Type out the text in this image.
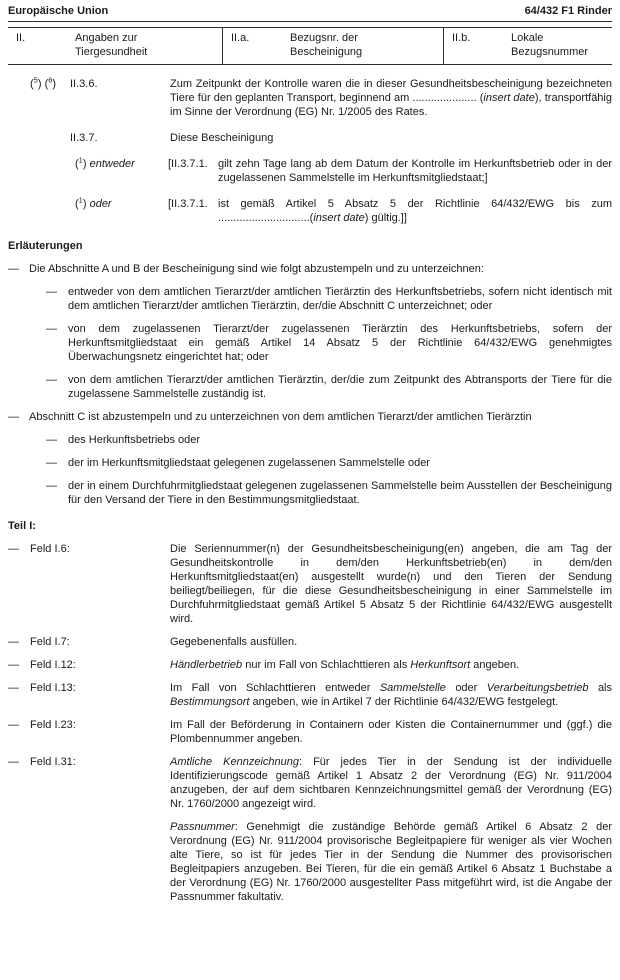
Europäische Union	64/432 F1 Rinder
II.	Angaben zur Tiergesundheit
II.a.	Bezugsnr. der Bescheinigung
II.b.	Lokale Bezugsnummer
($^5$) ($^6$)	II.3.6.	Zum Zeitpunkt der Kontrolle waren die in dieser Gesundheitsbescheinigung bezeichneten Tiere für den geplanten Transport, beginnend am ..................... (insert date), transportfähig im Sinne der Verordnung (EG) Nr. 1/2005 des Rates.

II.3.7.	Diese Bescheinigung

($^1$) entweder	[II.3.7.1. gilt zehn Tage lang ab dem Datum der Kontrolle im Herkunftsbetrieb oder in der zugelassenen Sammelstelle im Herkunftsmitgliedstaat;]

($^1$) oder	[II.3.7.1. ist gemäß Artikel 5 Absatz 5 der Richtlinie 64/432/EWG bis zum ..............................(insert date) gültig.]]

Erläuterungen

— Die Abschnitte A und B der Bescheinigung sind wie folgt abzustempeln und zu unterzeichnen:

— entweder von dem amtlichen Tierarzt/der amtlichen Tierärztin des Herkunftsbetriebs, sofern nicht identisch mit dem amtlichen Tierarzt/der amtlichen Tierärztin, der/die Abschnitt C unterzeichnet; oder

— von dem zugelassenen Tierarzt/der zugelassenen Tierärztin des Herkunftsbetriebs, sofern der Herkunftsmitgliedstaat ein gemäß Artikel 14 Absatz 5 der Richtlinie 64/432/EWG genehmigtes Überwachungsnetz eingerichtet hat; oder

— von dem amtlichen Tierarzt/der amtlichen Tierärztin, der/die zum Zeitpunkt des Abtransports der Tiere für die zugelassene Sammelstelle zuständig ist.

— Abschnitt C ist abzustempeln und zu unterzeichnen von dem amtlichen Tierarzt/der amtlichen Tierärztin

— des Herkunftsbetriebs oder

— der im Herkunftsmitgliedstaat gelegenen zugelassenen Sammelstelle oder

— der in einem Durchfuhrmitgliedstaat gelegenen zugelassenen Sammelstelle beim Ausstellen der Bescheinigung für den Versand der Tiere in den Bestimmungsmitgliedstaat.

Teil I:
—	Feld I.6:	Die Seriennummer(n) der Gesundheitsbescheinigung(en) angeben, die am Tag der Gesundheitskontrolle in dem/den Herkunftsbetrieb(en) in dem/den Herkunftsmitgliedstaat(en) ausgestellt wurde(n) und den Tieren der Sendung beiliegt/beiliegen, für die diese Gesundheitsbescheinigung in einer Sammelstelle im Durchfuhrmitgliedstaat gemäß Artikel 5 Absatz 5 der Richtlinie 64/432/EWG ausgestellt wird.

—	Feld I.7:	Gegebenenfalls ausfüllen.

—	Feld I.12:	Händlerbetrieb nur im Fall von Schlachttieren als Herkunftsort angeben.

—	Feld I.13:	Im Fall von Schlachttieren entweder Sammelstelle oder Verarbeitungsbetrieb als Bestimmungsort angeben, wie in Artikel 7 der Richtlinie 64/432/EWG festgelegt.

—	Feld I.23:	Im Fall der Beförderung in Containern oder Kisten die Containernummer und (ggf.) die Plombennummer angeben.

—	Feld I.31:	Amtliche Kennzeichnung: Für jedes Tier in der Sendung ist der individuelle Identifizierungscode gemäß Artikel 1 Absatz 2 der Verordnung (EG) Nr. 911/2004 anzugeben, der auf dem sichtbaren Kennzeichnungsmittel gemäß der Verordnung (EG) Nr. 1760/2000 angezeigt wird.

Passnummer: Genehmigt die zuständige Behörde gemäß Artikel 6 Absatz 2 der Verordnung (EG) Nr. 911/2004 provisorische Begleitpapiere für weniger als vier Wochen alte Tiere, so ist für jedes Tier in der Sendung die Nummer des provisorischen Begleitpapiers anzugeben. Bei Tieren, für die ein gemäß Artikel 6 Absatz 1 Buchstabe a der Verordnung (EG) Nr. 1760/2000 ausgestellter Pass mitgeführt wird, ist die Angabe der Passnummer fakultativ.
